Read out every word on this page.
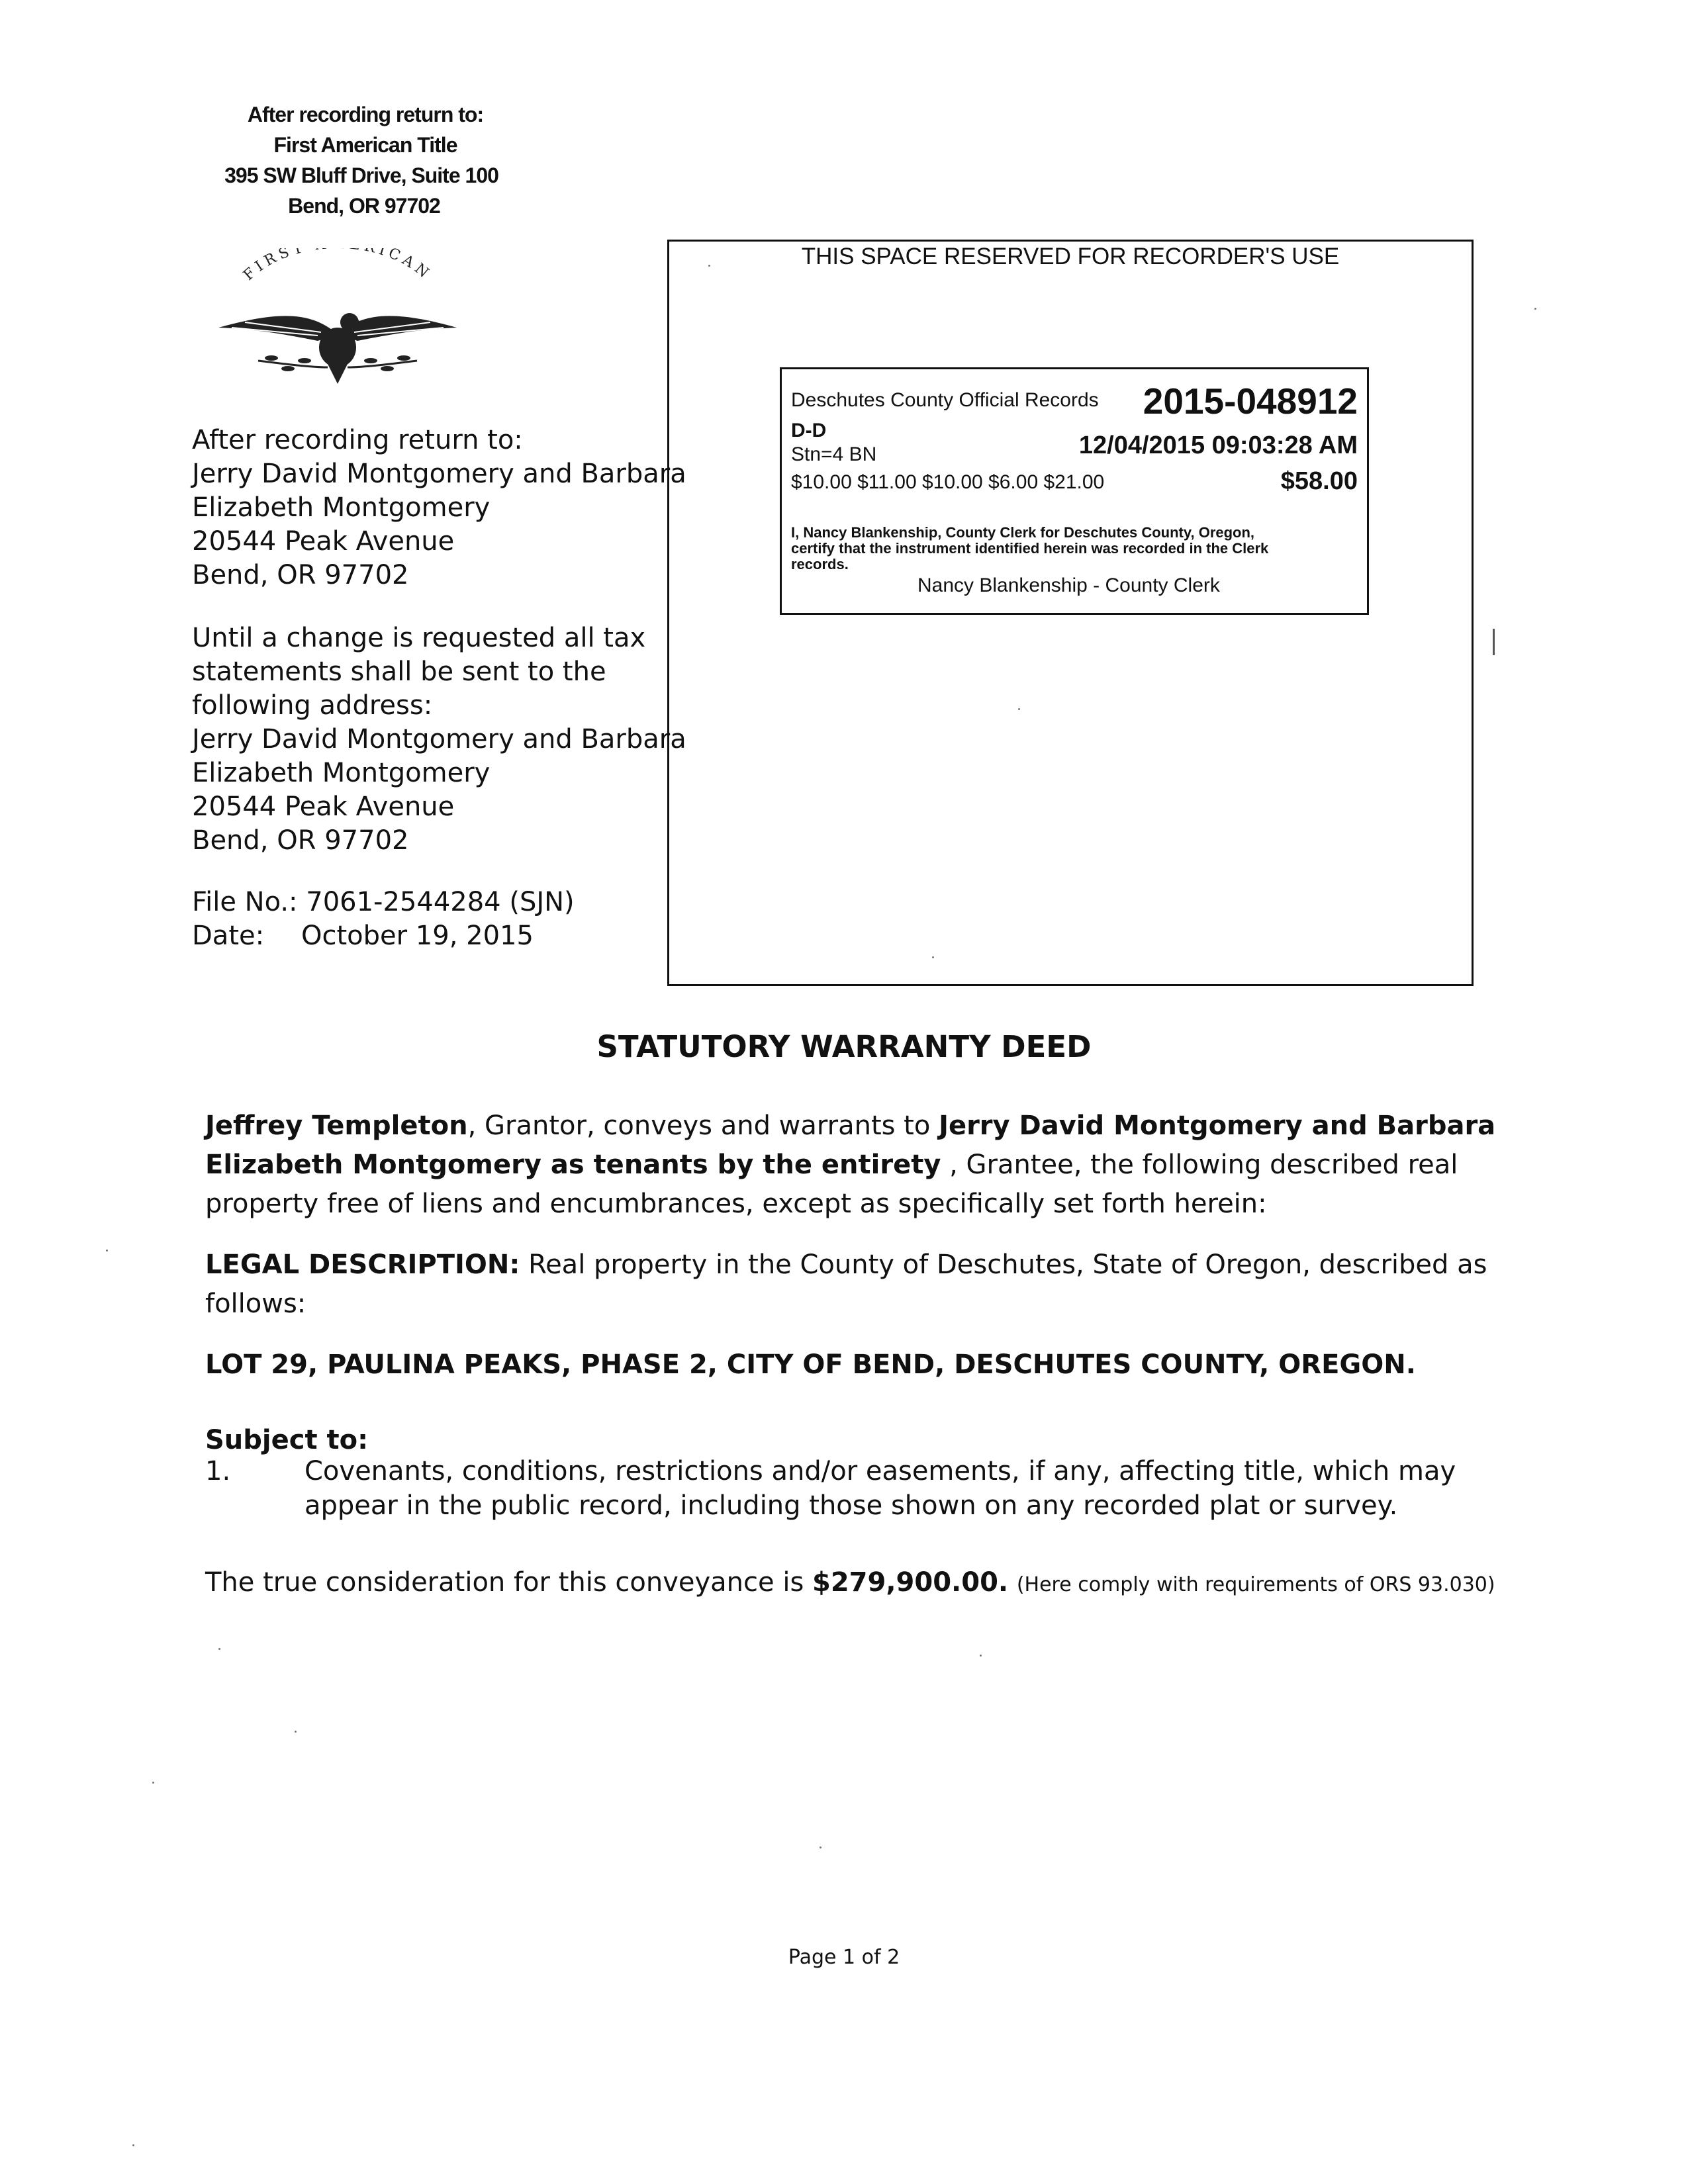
After recording return to:
First American Title
395 SW Bluff Drive, Suite 100
Bend, OR 97702
FIRST ICAN
After recording return to:
Jerry David Montgomery and Barbara
Elizabeth Montgomery
20544 Peak Avenue
Bend, OR 97702
Until a change is requested all tax
statements shall be sent to the
following address:
Jerry David Montgomery and Barbara
Elizabeth Montgomery
20544 Peak Avenue
Bend, OR 97702
File No.: 7061-2544284 (SJN)
Date: October 19, 2015
THIS SPACE RESERVED FOR RECORDER'S USE
Deschutes County Official Records 2015-048912
D-D
Stn=4 BN	12/04/2015 09:03:28 AM
$10.00 $11.00 $10.00 $6.00 $21.00	$58.00
I, Nancy Blankenship, County Clerk for Deschutes County, Oregon,
certify that the instrument identified herein was recorded in the Clerk
records.
Nancy Blankenship - County Clerk
STATUTORY WARRANTY DEED

Jeffrey Templeton, Grantor, conveys and warrants to Jerry David Montgomery and Barbara Elizabeth Montgomery as tenants by the entirety , Grantee, the following described real property free of liens and encumbrances, except as specifically set forth herein:

LEGAL DESCRIPTION: Real property in the County of Deschutes, State of Oregon, described as follows:

LOT 29, PAULINA PEAKS, PHASE 2, CITY OF BEND, DESCHUTES COUNTY, OREGON.
Subject to:
1.	Covenants, conditions, restrictions and/or easements, if any, affecting title, which may appear in the public record, including those shown on any recorded plat or survey.
The true consideration for this conveyance is $279,900.00. (Here comply with requirements of ORS 93.030)
Page 1 of 2
